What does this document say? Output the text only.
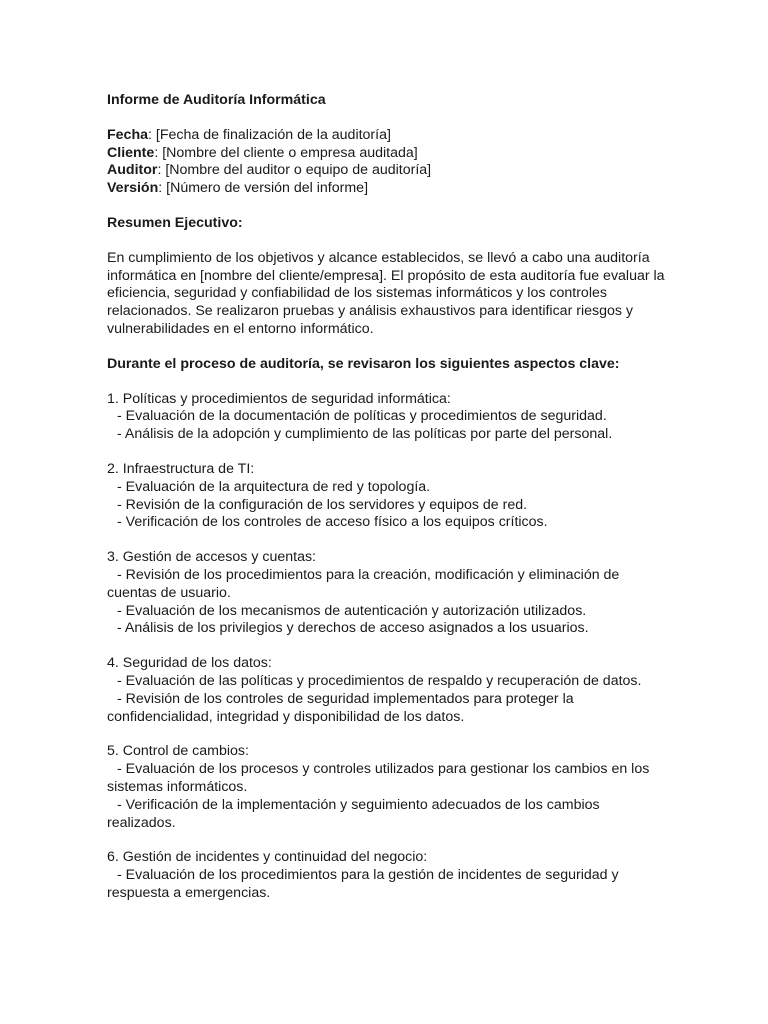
Informe de Auditoría Informática
Fecha: [Fecha de finalización de la auditoría]
Cliente: [Nombre del cliente o empresa auditada]
Auditor: [Nombre del auditor o equipo de auditoría]
Versión: [Número de versión del informe]
Resumen Ejecutivo:
En cumplimiento de los objetivos y alcance establecidos, se llevó a cabo una auditoría informática en [nombre del cliente/empresa]. El propósito de esta auditoría fue evaluar la eficiencia, seguridad y confiabilidad de los sistemas informáticos y los controles relacionados. Se realizaron pruebas y análisis exhaustivos para identificar riesgos y vulnerabilidades en el entorno informático.
Durante el proceso de auditoría, se revisaron los siguientes aspectos clave:
1. Políticas y procedimientos de seguridad informática:
- Evaluación de la documentación de políticas y procedimientos de seguridad.
- Análisis de la adopción y cumplimiento de las políticas por parte del personal.
2. Infraestructura de TI:
- Evaluación de la arquitectura de red y topología.
- Revisión de la configuración de los servidores y equipos de red.
- Verificación de los controles de acceso físico a los equipos críticos.
3. Gestión de accesos y cuentas:
- Revisión de los procedimientos para la creación, modificación y eliminación de cuentas de usuario.
- Evaluación de los mecanismos de autenticación y autorización utilizados.
- Análisis de los privilegios y derechos de acceso asignados a los usuarios.
4. Seguridad de los datos:
- Evaluación de las políticas y procedimientos de respaldo y recuperación de datos.
- Revisión de los controles de seguridad implementados para proteger la confidencialidad, integridad y disponibilidad de los datos.
5. Control de cambios:
- Evaluación de los procesos y controles utilizados para gestionar los cambios en los sistemas informáticos.
- Verificación de la implementación y seguimiento adecuados de los cambios realizados.
6. Gestión de incidentes y continuidad del negocio:
- Evaluación de los procedimientos para la gestión de incidentes de seguridad y respuesta a emergencias.
